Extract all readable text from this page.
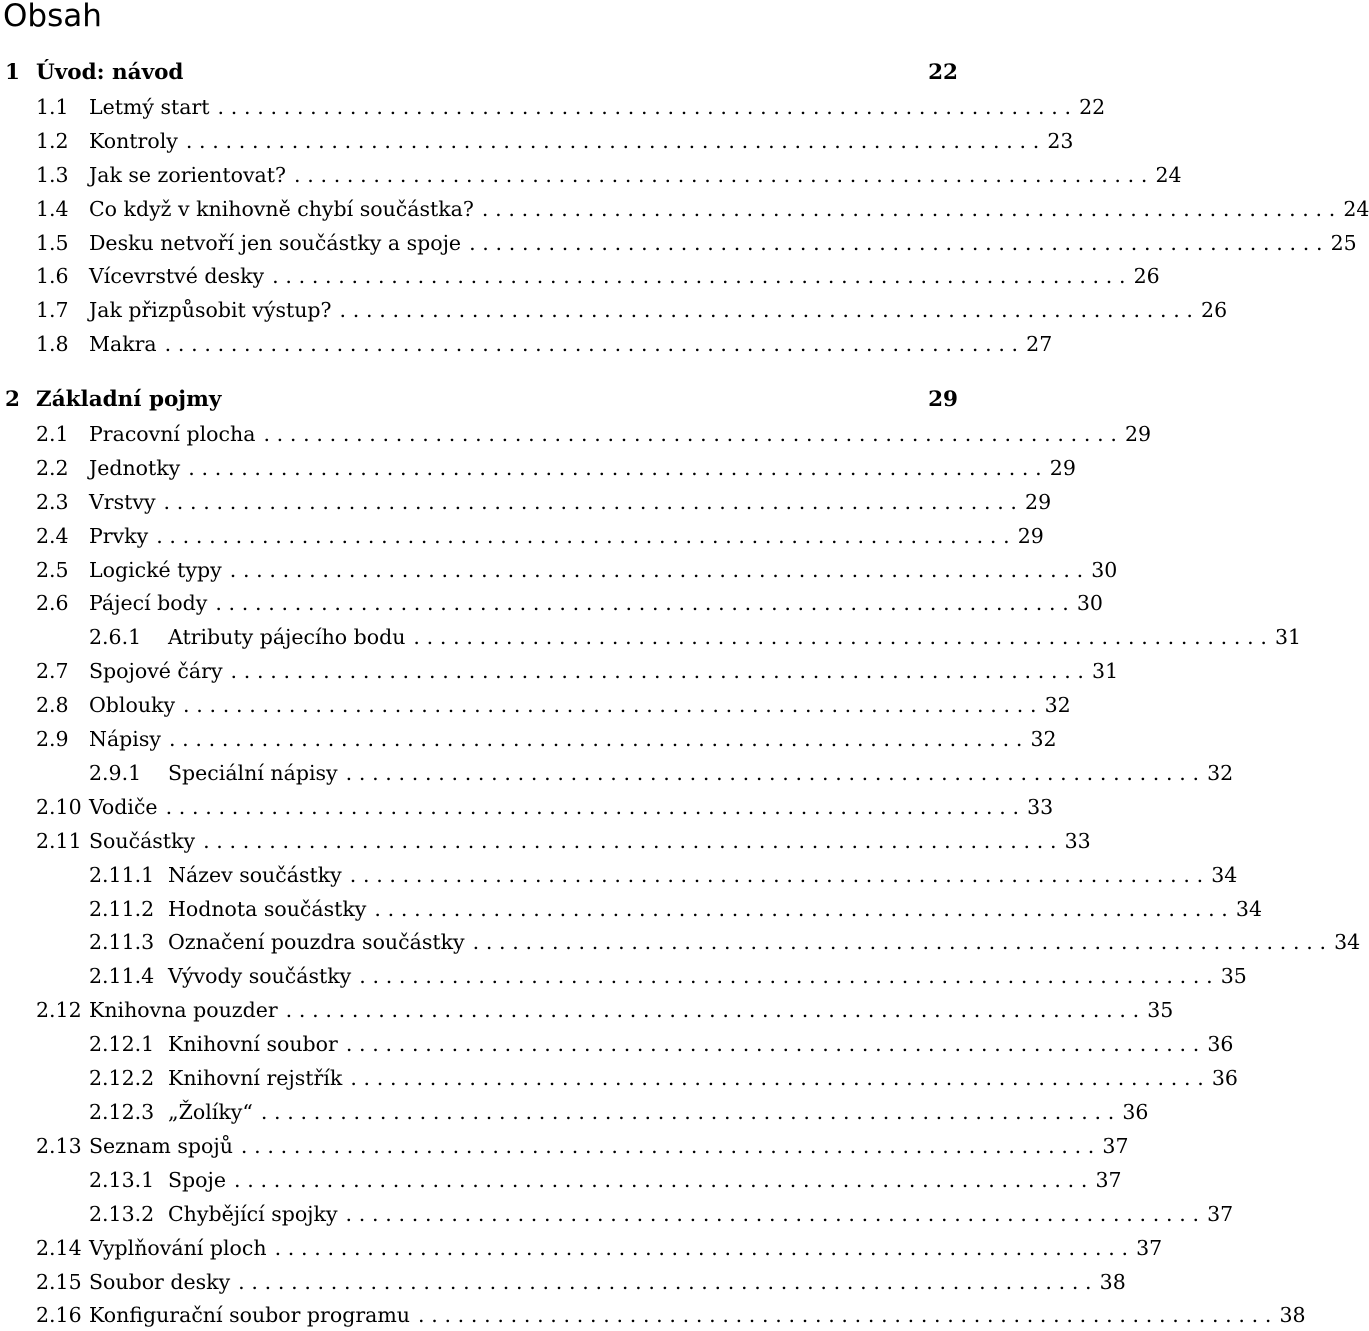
Obsah
1 Úvod: návod	22
1.1 Letmý start . . . . . . . . . . . . . . . . . . . . . . . . . . . . . . . . . . . . . . . . . . . . . . . . . . . . . . . . . . . . . . . . . 22
1.2 Kontroly . . . . . . . . . . . . . . . . . . . . . . . . . . . . . . . . . . . . . . . . . . . . . . . . . . . . . . . . . . . . . . . . . 23
1.3 Jak se zorientovat? . . . . . . . . . . . . . . . . . . . . . . . . . . . . . . . . . . . . . . . . . . . . . . . . . . . . . . . . . . . . . . . . . 24
1.4 Co když v knihovně chybí součástka? . . . . . . . . . . . . . . . . . . . . . . . . . . . . . . . . . . . . . . . . . . . . . . . . . . . . . . . . . . . . . . . . . 24
1.5 Desku netvoří jen součástky a spoje . . . . . . . . . . . . . . . . . . . . . . . . . . . . . . . . . . . . . . . . . . . . . . . . . . . . . . . . . . . . . . . . . 25
1.6 Vícevrstvé desky . . . . . . . . . . . . . . . . . . . . . . . . . . . . . . . . . . . . . . . . . . . . . . . . . . . . . . . . . . . . . . . . . 26
1.7 Jak přizpůsobit výstup? . . . . . . . . . . . . . . . . . . . . . . . . . . . . . . . . . . . . . . . . . . . . . . . . . . . . . . . . . . . . . . . . . 26
1.8 Makra . . . . . . . . . . . . . . . . . . . . . . . . . . . . . . . . . . . . . . . . . . . . . . . . . . . . . . . . . . . . . . . . . 27
2 Základní pojmy	29
2.1 Pracovní plocha . . . . . . . . . . . . . . . . . . . . . . . . . . . . . . . . . . . . . . . . . . . . . . . . . . . . . . . . . . . . . . . . . 29
2.2 Jednotky . . . . . . . . . . . . . . . . . . . . . . . . . . . . . . . . . . . . . . . . . . . . . . . . . . . . . . . . . . . . . . . . . 29
2.3 Vrstvy . . . . . . . . . . . . . . . . . . . . . . . . . . . . . . . . . . . . . . . . . . . . . . . . . . . . . . . . . . . . . . . . . 29
2.4 Prvky . . . . . . . . . . . . . . . . . . . . . . . . . . . . . . . . . . . . . . . . . . . . . . . . . . . . . . . . . . . . . . . . . 29
2.5 Logické typy . . . . . . . . . . . . . . . . . . . . . . . . . . . . . . . . . . . . . . . . . . . . . . . . . . . . . . . . . . . . . . . . . 30
2.6 Pájecí body . . . . . . . . . . . . . . . . . . . . . . . . . . . . . . . . . . . . . . . . . . . . . . . . . . . . . . . . . . . . . . . . . 30
2.6.1	Atributy pájecího bodu . . . . . . . . . . . . . . . . . . . . . . . . . . . . . . . . . . . . . . . . . . . . . . . . . . . . . . . . . . . . . . . . . 31
2.7 Spojové čáry . . . . . . . . . . . . . . . . . . . . . . . . . . . . . . . . . . . . . . . . . . . . . . . . . . . . . . . . . . . . . . . . . 31
2.8 Oblouky . . . . . . . . . . . . . . . . . . . . . . . . . . . . . . . . . . . . . . . . . . . . . . . . . . . . . . . . . . . . . . . . . 32
2.9 Nápisy . . . . . . . . . . . . . . . . . . . . . . . . . . . . . . . . . . . . . . . . . . . . . . . . . . . . . . . . . . . . . . . . . 32
2.9.1	Speciální nápisy . . . . . . . . . . . . . . . . . . . . . . . . . . . . . . . . . . . . . . . . . . . . . . . . . . . . . . . . . . . . . . . . . 32
2.10 Vodiče . . . . . . . . . . . . . . . . . . . . . . . . . . . . . . . . . . . . . . . . . . . . . . . . . . . . . . . . . . . . . . . . . 33
2.11 Součástky . . . . . . . . . . . . . . . . . . . . . . . . . . . . . . . . . . . . . . . . . . . . . . . . . . . . . . . . . . . . . . . . . 33
2.11.1 Název součástky . . . . . . . . . . . . . . . . . . . . . . . . . . . . . . . . . . . . . . . . . . . . . . . . . . . . . . . . . . . . . . . . . 34
2.11.2 Hodnota součástky . . . . . . . . . . . . . . . . . . . . . . . . . . . . . . . . . . . . . . . . . . . . . . . . . . . . . . . . . . . . . . . . . 34
2.11.3 Označení pouzdra součástky . . . . . . . . . . . . . . . . . . . . . . . . . . . . . . . . . . . . . . . . . . . . . . . . . . . . . . . . . . . . . . . . . 34
2.11.4 Vývody součástky . . . . . . . . . . . . . . . . . . . . . . . . . . . . . . . . . . . . . . . . . . . . . . . . . . . . . . . . . . . . . . . . . 35
2.12 Knihovna pouzder . . . . . . . . . . . . . . . . . . . . . . . . . . . . . . . . . . . . . . . . . . . . . . . . . . . . . . . . . . . . . . . . . 35
2.12.1 Knihovní soubor . . . . . . . . . . . . . . . . . . . . . . . . . . . . . . . . . . . . . . . . . . . . . . . . . . . . . . . . . . . . . . . . . 36
2.12.2 Knihovní rejstřík . . . . . . . . . . . . . . . . . . . . . . . . . . . . . . . . . . . . . . . . . . . . . . . . . . . . . . . . . . . . . . . . . 36
2.12.3 „Žolíky“ . . . . . . . . . . . . . . . . . . . . . . . . . . . . . . . . . . . . . . . . . . . . . . . . . . . . . . . . . . . . . . . . . 36
2.13 Seznam spojů . . . . . . . . . . . . . . . . . . . . . . . . . . . . . . . . . . . . . . . . . . . . . . . . . . . . . . . . . . . . . . . . . 37
2.13.1 Spoje . . . . . . . . . . . . . . . . . . . . . . . . . . . . . . . . . . . . . . . . . . . . . . . . . . . . . . . . . . . . . . . . . 37
2.13.2 Chybějící spojky . . . . . . . . . . . . . . . . . . . . . . . . . . . . . . . . . . . . . . . . . . . . . . . . . . . . . . . . . . . . . . . . . 37
2.14 Vyplňování ploch . . . . . . . . . . . . . . . . . . . . . . . . . . . . . . . . . . . . . . . . . . . . . . . . . . . . . . . . . . . . . . . . . 37
2.15 Soubor desky . . . . . . . . . . . . . . . . . . . . . . . . . . . . . . . . . . . . . . . . . . . . . . . . . . . . . . . . . . . . . . . . . 38
2.16 Konfigurační soubor programu . . . . . . . . . . . . . . . . . . . . . . . . . . . . . . . . . . . . . . . . . . . . . . . . . . . . . . . . . . . . . . . . . 38
